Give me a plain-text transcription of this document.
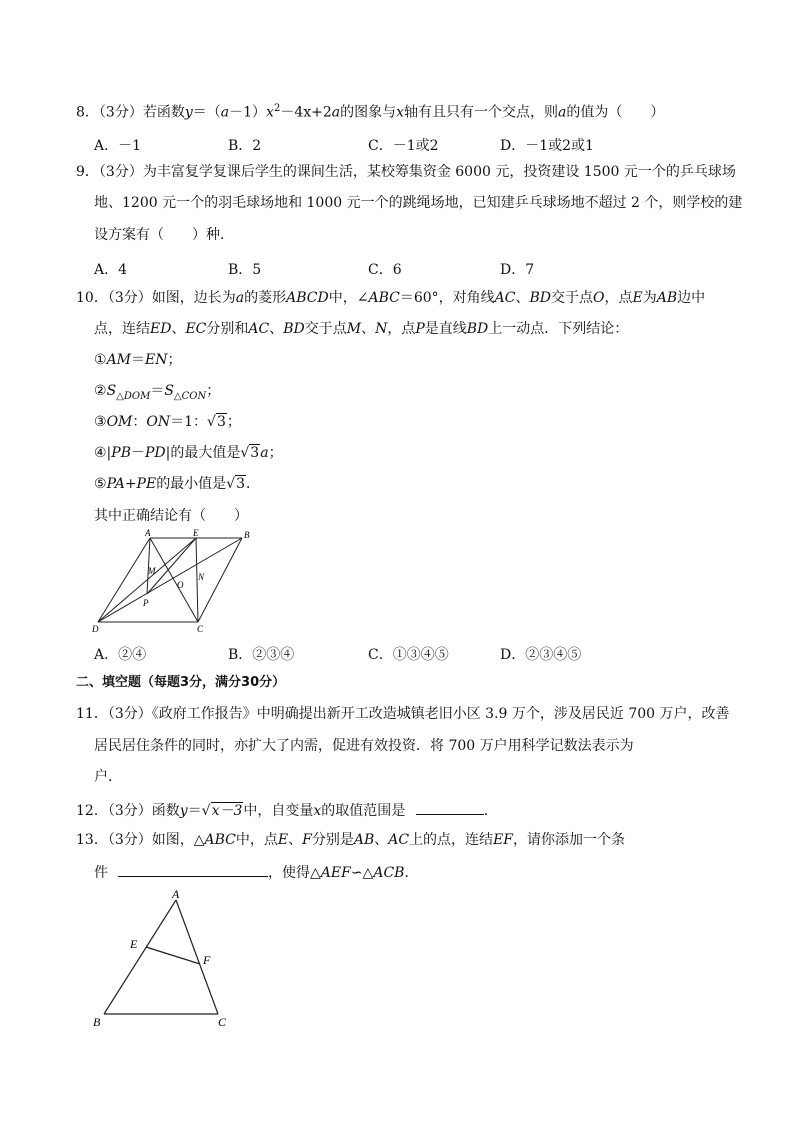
8．（3分）若函数$y=(a-1)x^2-4x+2a$的图象与x轴有且只有一个交点，则a的值为（　　）
A．－1	B．2	C．－1或2	D．－1或2或1
9．（3分）为丰富复学复课后学生的课间生活，某校筹集资金 6000 元，投资建设 1500 元一个的乒乓球场
地、1200 元一个的羽毛球场地和 1000 元一个的跳绳场地，已知建乒乓球场地不超过 2 个，则学校的建
设方案有（　　）种．
A．4	B．5	C．6	D．7
10．（3分）如图，边长为a的菱形ABCD中，∠ABC＝60°，对角线AC、BD交于点O，点E为AB边中
点，连结ED、EC分别和AC、BD交于点M、N，点P是直线BD上一动点．下列结论：
①AM＝EN；
$②S_{\triangle DOM}=S_{\triangle CON}$；
③OM：ON＝1：√3；
④|PB－PD|的最大值是√3a；
⑤PA+PE的最小值是√3．
其中正确结论有（　　）
A	E	B
M
O
N
P
D	C
A．②④	B．②③④	C．①③④⑤	D．②③④⑤
二、填空题（每题3分，满分30分）
11．（3分）《政府工作报告》中明确提出新开工改造城镇老旧小区 3.9 万个，涉及居民近 700 万户，改善
居民居住条件的同时，亦扩大了内需，促进有效投资．将 700 万户用科学记数法表示为
户．
12．（3分）函数y＝√x－3中，自变量x的取值范围是	．
13．（3分）如图，△ABC中，点E、F分别是AB、AC上的点，连结EF，请你添加一个条
件	，使得△AEF∽△ACB．
A
E
F
B	C
